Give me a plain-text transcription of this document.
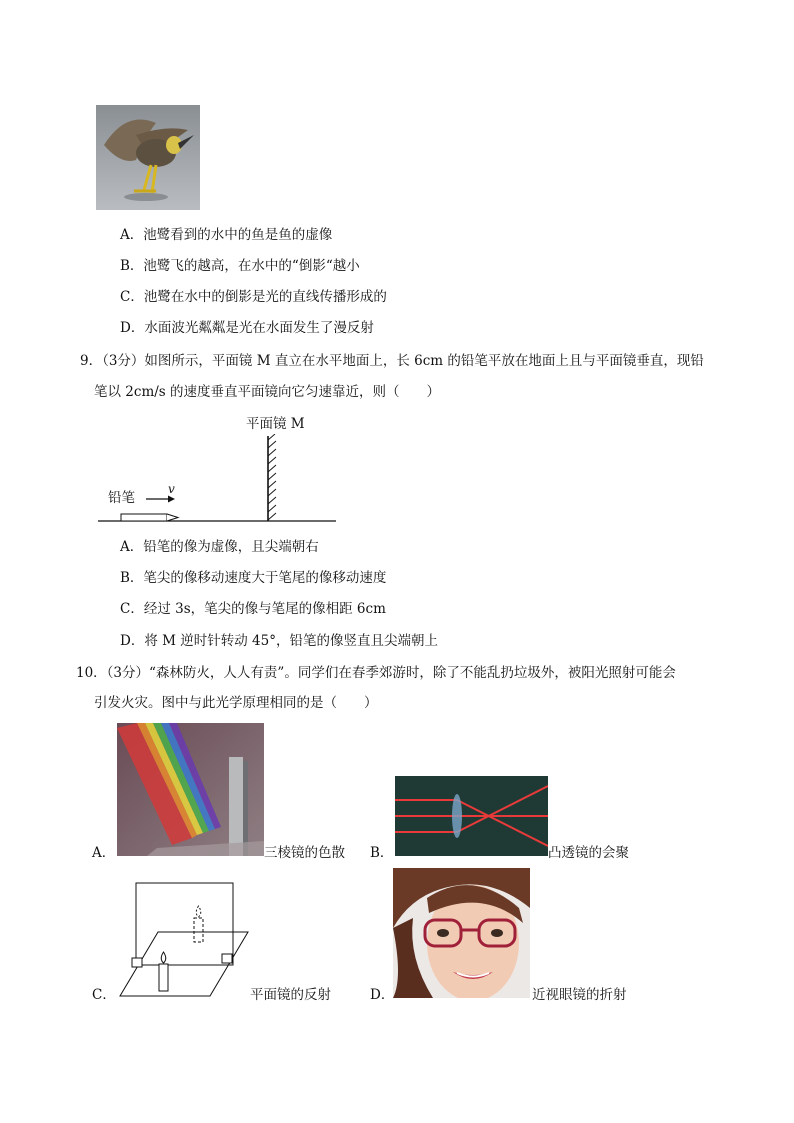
A．池鹭看到的水中的鱼是鱼的虚像
B．池鹭飞的越高，在水中的“倒影“越小
C．池鹭在水中的倒影是光的直线传播形成的
D．水面波光粼粼是光在水面发生了漫反射
9．（3分）如图所示，平面镜 M 直立在水平地面上，长 6cm 的铅笔平放在地面上且与平面镜垂直，现铅
笔以 2cm/s 的速度垂直平面镜向它匀速靠近，则（　　）
平面镜 M
铅笔
v
A．铅笔的像为虚像，且尖端朝右
B．笔尖的像移动速度大于笔尾的像移动速度
C．经过 3s，笔尖的像与笔尾的像相距 6cm
D．将 M 逆时针转动 45°，铅笔的像竖直且尖端朝上
10．（3分）“森林防火，人人有责”。同学们在春季郊游时，除了不能乱扔垃圾外，被阳光照射可能会
引发火灾。图中与此光学原理相同的是（　　）
A．	三棱镜的色散 B．	凸透镜的会聚
C．	平面镜的反射	D．	近视眼镜的折射
